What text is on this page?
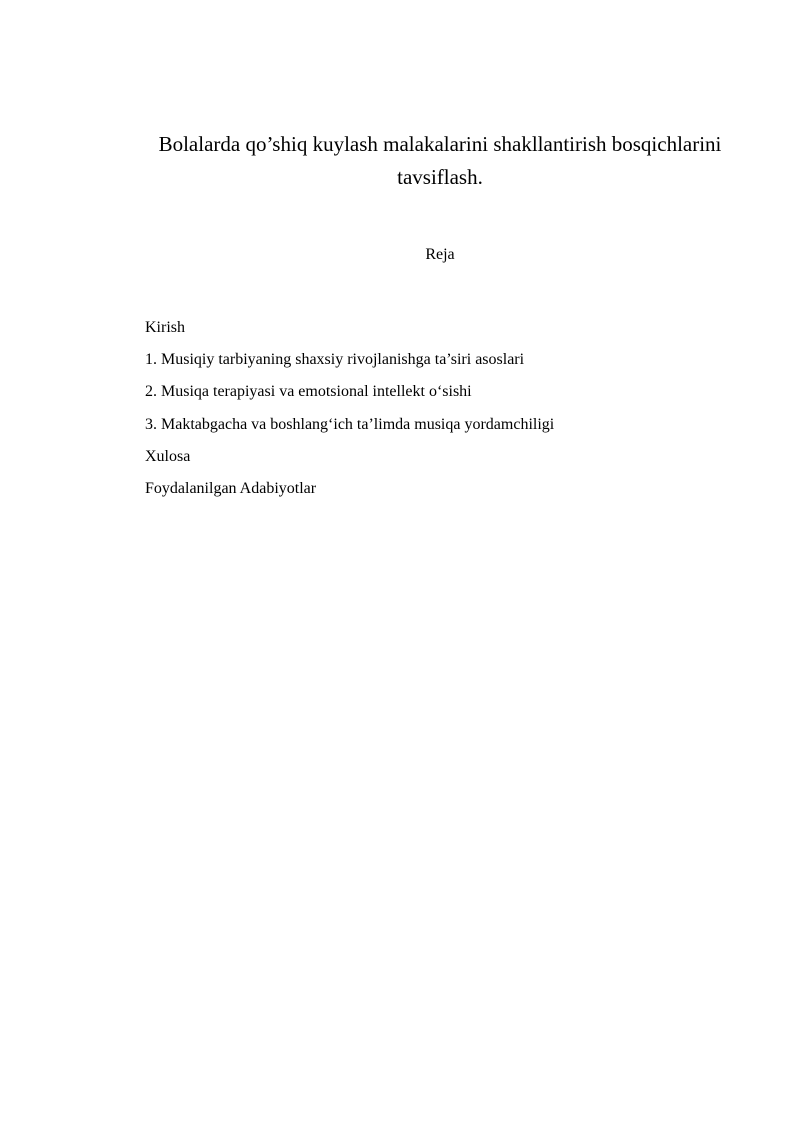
Bolalarda qo’shiq kuylash malakalarini shakllantirish bosqichlarini
tavsiflash.
Reja
Kirish
1. Musiqiy tarbiyaning shaxsiy rivojlanishga ta’siri asoslari
2. Musiqa terapiyasi va emotsional intellekt o‘sishi
3. Maktabgacha va boshlang‘ich ta’limda musiqa yordamchiligi
Xulosa
Foydalanilgan Adabiyotlar
